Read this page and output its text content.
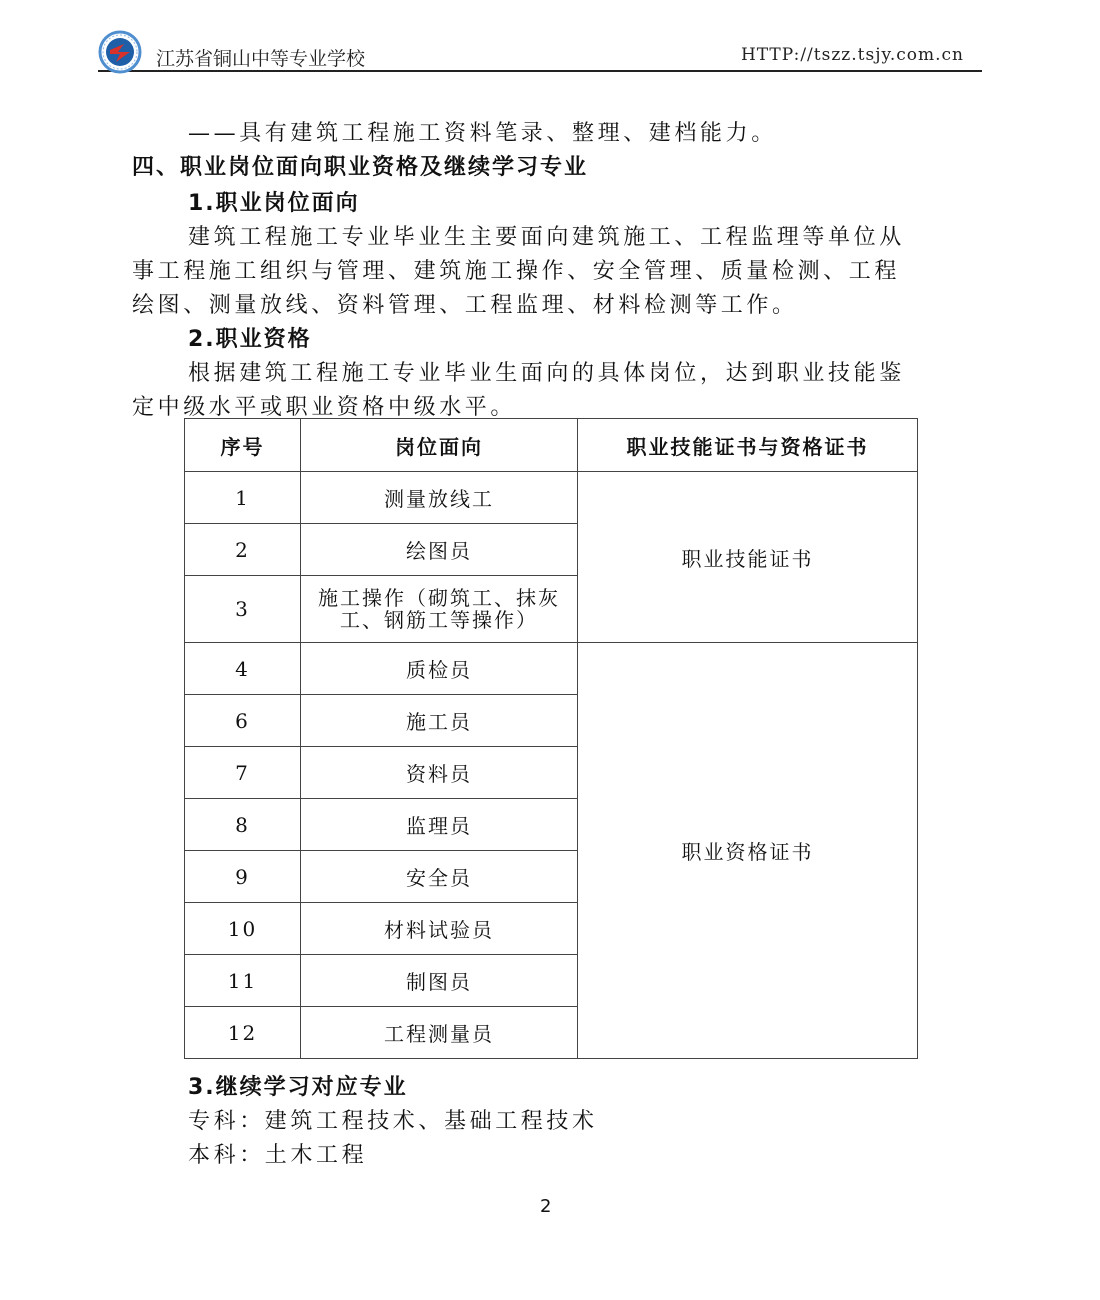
江苏省铜山中等专业学校	HTTP://tszz.tsjy.com.cn
——具有建筑工程施工资料笔录、整理、建档能力。
四、职业岗位面向职业资格及继续学习专业
1.职业岗位面向
建筑工程施工专业毕业生主要面向建筑施工、工程监理等单位从
事工程施工组织与管理、建筑施工操作、安全管理、质量检测、工程
绘图、测量放线、资料管理、工程监理、材料检测等工作。
2.职业资格
根据建筑工程施工专业毕业生面向的具体岗位，达到职业技能鉴
定中级水平或职业资格中级水平。
序号	岗位面向	职业技能证书与资格证书
1	测量放线工	职业技能证书
2	绘图员	
3	施工操作（砌筑工、抹灰工、钢筋工等操作）	
4	质检员	职业资格证书
6	施工员	
7	资料员	
8	监理员	
9	安全员	
10	材料试验员	
11	制图员	
12	工程测量员	
3.继续学习对应专业
专科：建筑工程技术、基础工程技术
本科：土木工程
2
